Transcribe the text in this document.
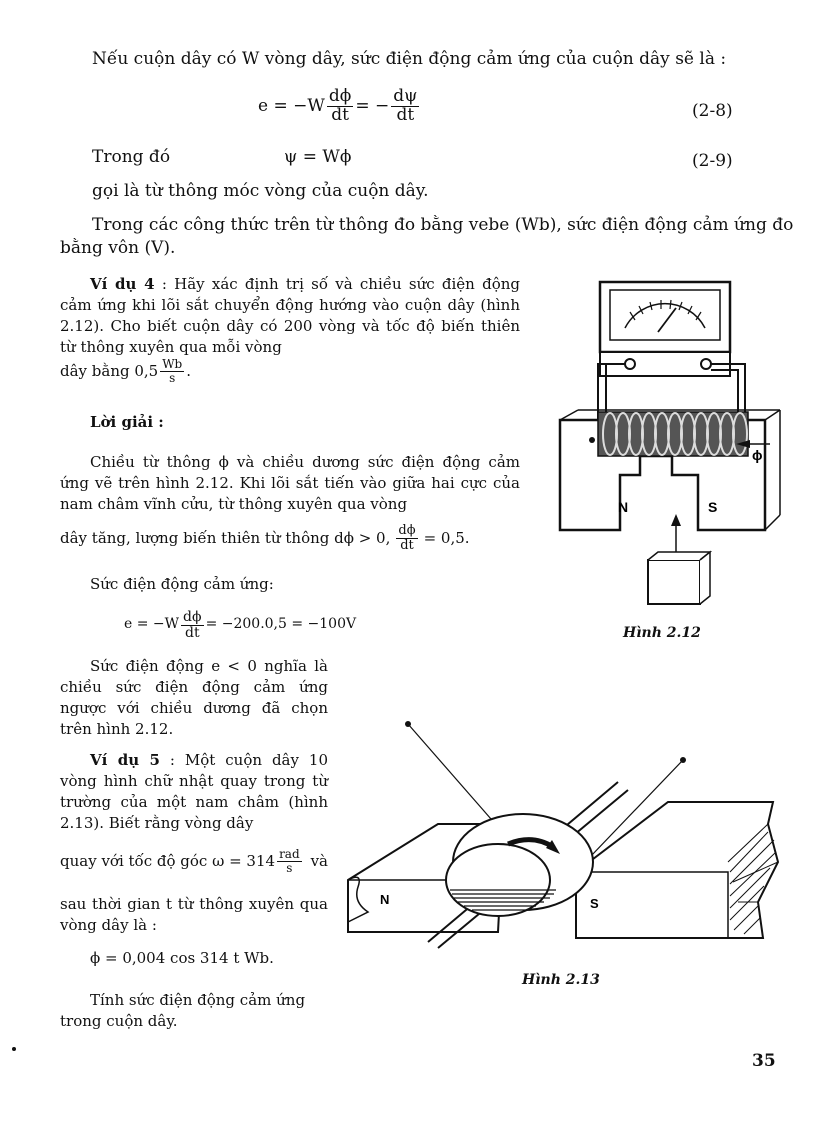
Nếu cuộn dây có W vòng dây, sức điện động cảm ứng của cuộn dây sẽ là :
$e = -W \frac{d\phi}{dt}$ = − $\frac{d\psi}{dt}$	(2-8)
Trong đó	ψ = Wϕ	(2-9)
gọi là từ thông móc vòng của cuộn dây.
Trong các công thức trên từ thông đo bằng vebe (Wb), sức điện động cảm ứng đo bằng vôn (V).
Ví dụ 4 : Hãy xác định trị số và chiều sức điện động cảm ứng khi lõi sắt chuyển động hướng vào cuộn dây (hình 2.12). Cho biết cuộn dây có 200 vòng và tốc độ biến thiên từ thông xuyên qua mỗi vòng
dây bằng $0,5 \frac{Wb}{s}$ .
Lời giải :
Chiều từ thông ϕ và chiều dương sức điện động cảm ứng vẽ trên hình 2.12. Khi lõi sắt tiến vào giữa hai cực của nam châm vĩnh cửu, từ thông xuyên qua vòng
dây tăng, lượng biến thiên từ thông dϕ > 0, $\frac{d\phi}{dt} = 0,5$.
Sức điện động cảm ứng:
$e = -W \frac{d\phi}{dt} = -200.0,5 = -100V$
Sức điện động e < 0 nghĩa là chiều sức điện động cảm ứng ngược với chiều dương đã chọn trên hình 2.12.
Ví dụ 5 : Một cuộn dây 10 vòng hình chữ nhật quay trong từ trường của một nam châm (hình 2.13). Biết rằng vòng dây
quay với tốc độ góc $\omega = 314 \frac{\text{rad}}{s}$ và
sau thời gian t từ thông xuyên qua vòng dây là :
ϕ = 0,004 cos 314 t Wb.
Tính sức điện động cảm ứng trong cuộn dây.
ϕ
N	S
Hình 2.12
N	S
Hình 2.13
35
